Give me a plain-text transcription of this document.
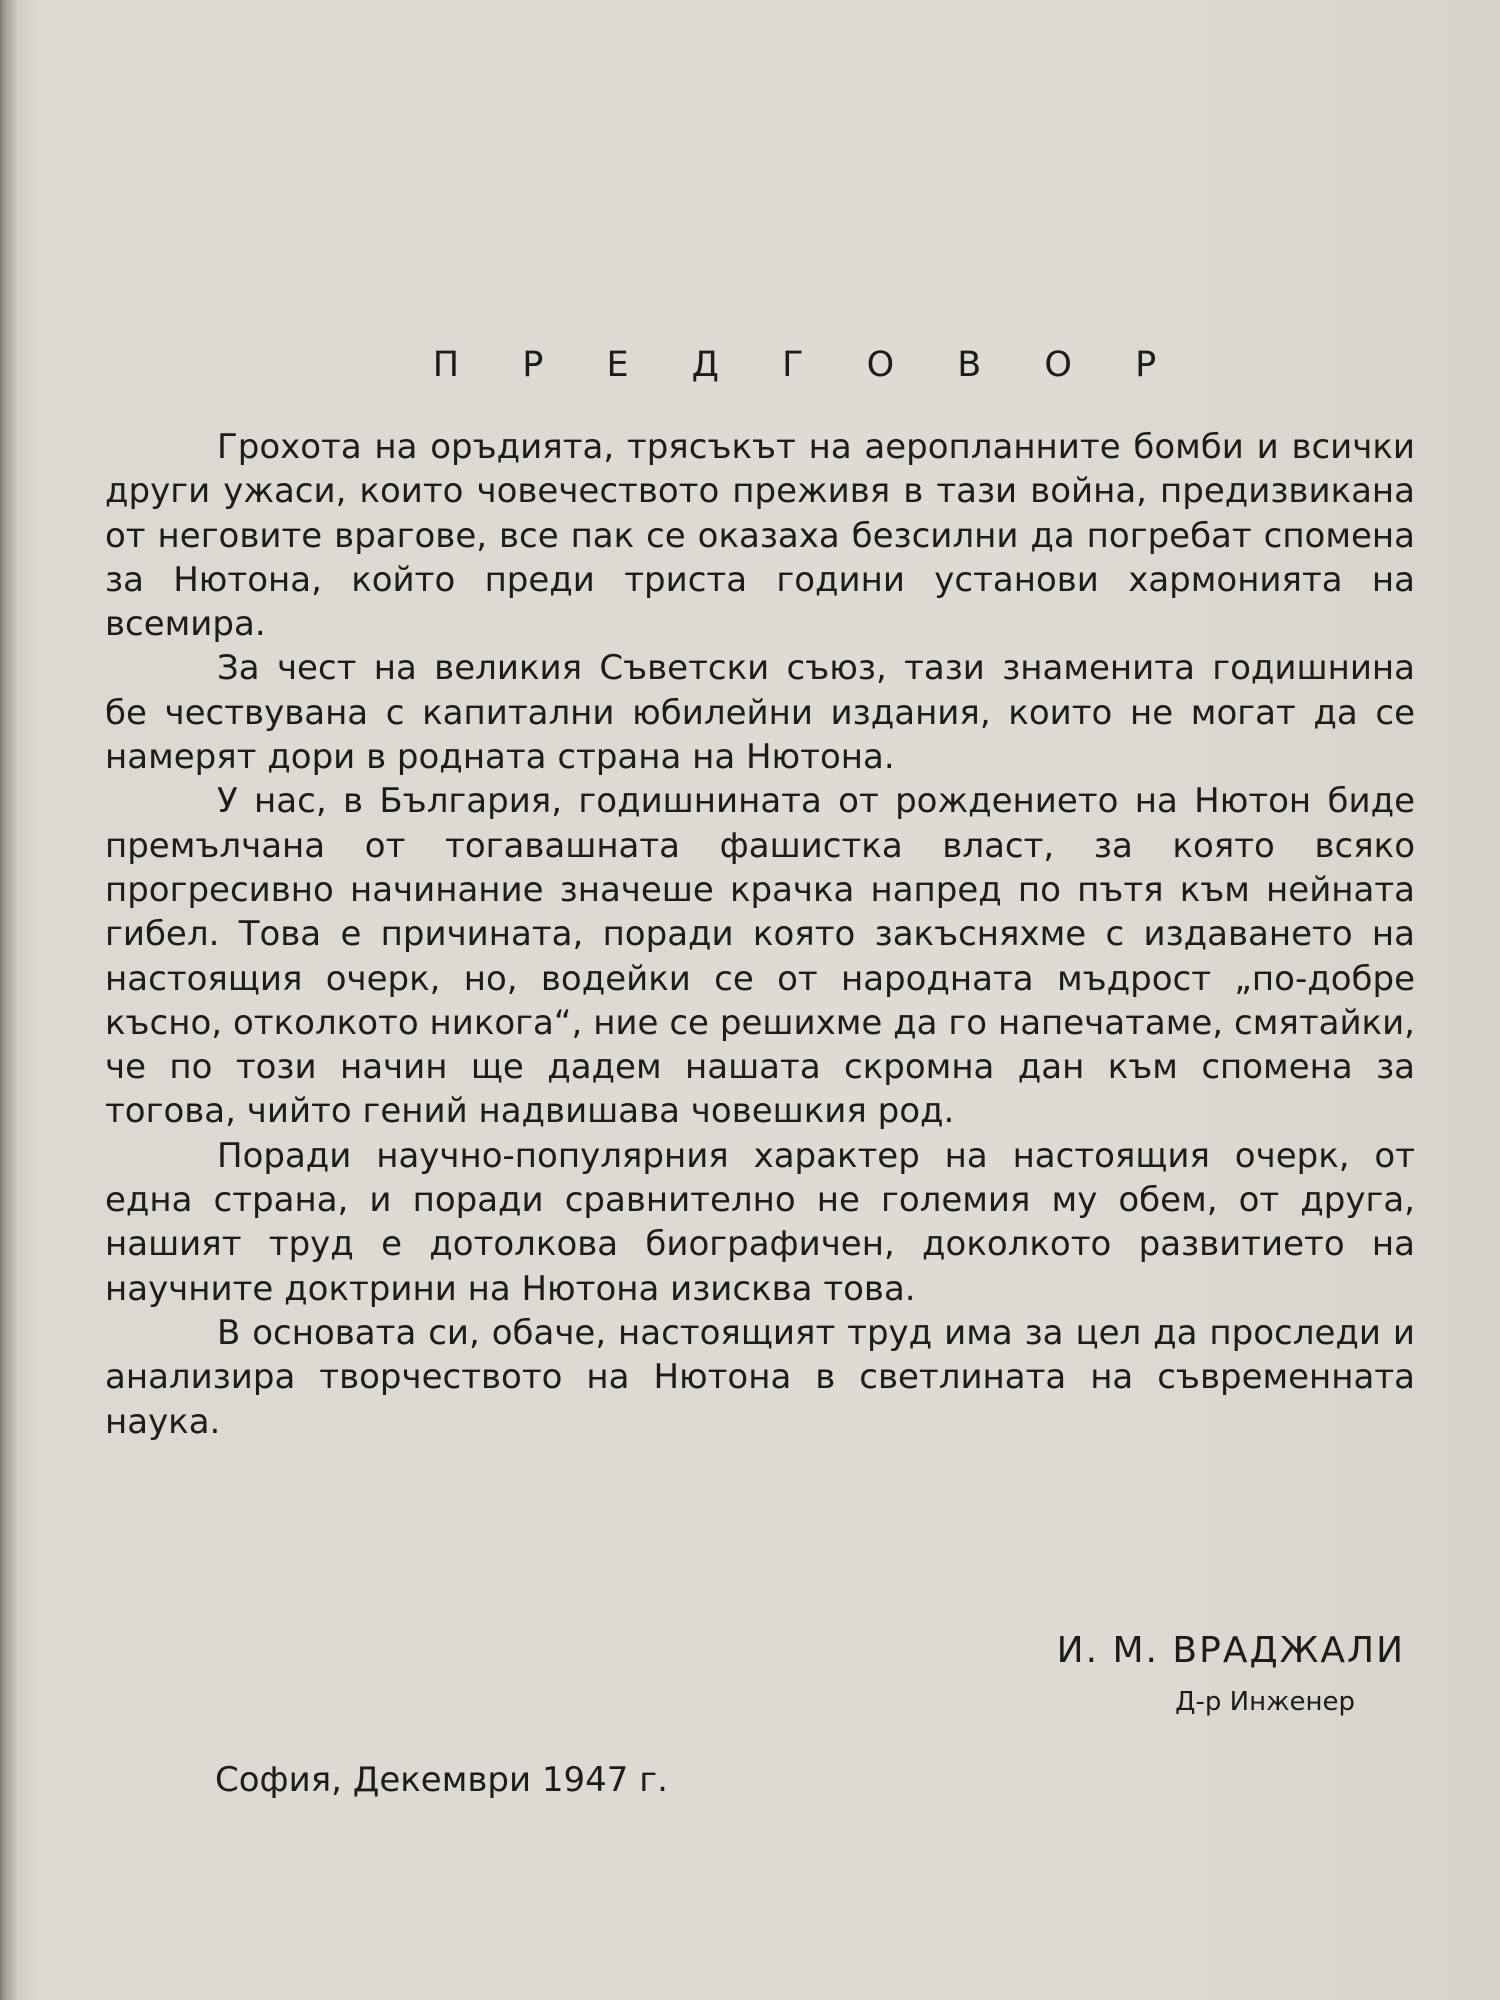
П Р Е Д Г О В О Р

Грохота на оръдията, трясъкът на аеропланните бомби и всички други ужаси, които човечеството преживя в тази война, предизвикана от неговите врагове, все пак се оказаха безсилни да погребат спомена за Нютона, който преди триста години установи хармонията на всемира.

За чест на великия Съветски съюз, тази знаменита годишнина бе чествувана с капитални юбилейни издания, които не могат да се намерят дори в родната страна на Нютона.

У нас, в България, годишнината от рождението на Нютон биде премълчана от тогавашната фашистка власт, за която всяко прогресивно начинание значеше крачка напред по пътя към нейната гибел. Това е причината, поради която закъсняхме с издаването на настоящия очерк, но, водейки се от народната мъдрост „по-добре късно, отколкото никога“, ние се решихме да го напечатаме, смятайки, че по този начин ще дадем нашата скромна дан към спомена за тогова, чийто гений надвишава човешкия род.

Поради научно-популярния характер на настоящия очерк, от една страна, и поради сравнително не големия му обем, от друга, нашият труд е дотолкова биографичен, доколкото развитието на научните доктрини на Нютона изисква това.

В основата си, обаче, настоящият труд има за цел да проследи и анализира творчеството на Нютона в светлината на съвременната наука.

И. М. ВРАДЖАЛИ
Д-р Инженер
София, Декември 1947 г.
